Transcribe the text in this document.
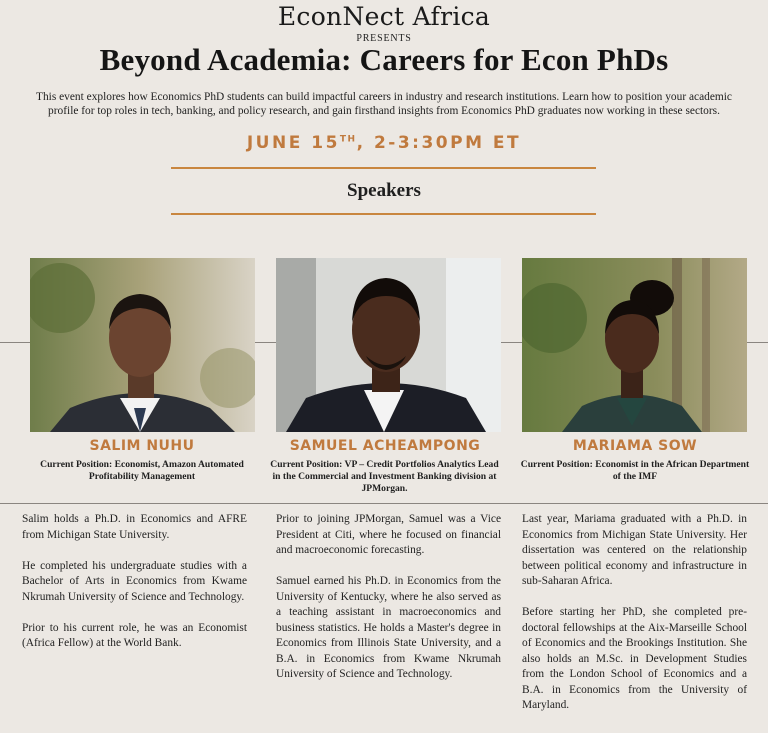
EconNect Africa
PRESENTS
Beyond Academia: Careers for Econ PhDs
This event explores how Economics PhD students can build impactful careers in industry and research institutions. Learn how to position your academic profile for top roles in tech, banking, and policy research, and gain firsthand insights from Economics PhD graduates now working in these sectors.
JUNE 15TH, 2-3:30PM ET
Speakers
SALIM NUHU	SAMUEL ACHEAMPONG	MARIAMA SOW
Current Position: Economist, Amazon Automated Profitability Management
Current Position: VP – Credit Portfolios Analytics Lead in the Commercial and Investment Banking division at JPMorgan.
Current Position: Economist in the African Department of the IMF

Salim holds a Ph.D. in Economics and AFRE from Michigan State University.

He completed his undergraduate studies with a Bachelor of Arts in Economics from Kwame Nkrumah University of Science and Technology.

Prior to his current role, he was an Economist (Africa Fellow) at the World Bank.

Prior to joining JPMorgan, Samuel was a Vice President at Citi, where he focused on financial and macroeconomic forecasting.

Samuel earned his Ph.D. in Economics from the University of Kentucky, where he also served as a teaching assistant in macroeconomics and business statistics. He holds a Master's degree in Economics from Illinois State University, and a B.A. in Economics from Kwame Nkrumah University of Science and Technology.

Last year, Mariama graduated with a Ph.D. in Economics from Michigan State University. Her dissertation was centered on the relationship between political economy and infrastructure in sub-Saharan Africa.

Before starting her PhD, she completed pre-doctoral fellowships at the Aix-Marseille School of Economics and the Brookings Institution. She also holds an M.Sc. in Development Studies from the London School of Economics and a B.A. in Economics from the University of Maryland.
